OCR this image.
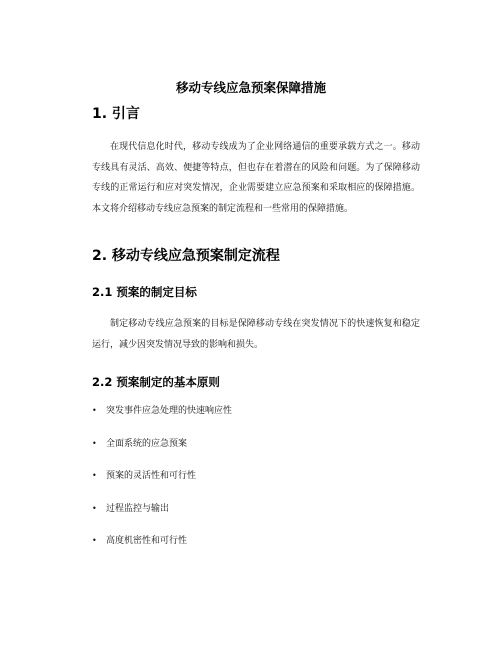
移动专线应急预案保障措施
1. 引言

在现代信息化时代，移动专线成为了企业网络通信的重要承载方式之一。移动专线具有灵活、高效、便捷等特点，但也存在着潜在的风险和问题。为了保障移动专线的正常运行和应对突发情况，企业需要建立应急预案和采取相应的保障措施。本文将介绍移动专线应急预案的制定流程和一些常用的保障措施。

2. 移动专线应急预案制定流程
2.1 预案的制定目标

制定移动专线应急预案的目标是保障移动专线在突发情况下的快速恢复和稳定运行，减少因突发情况导致的影响和损失。

2.2 预案制定的基本原则
• 突发事件应急处理的快速响应性
• 全面系统的应急预案
• 预案的灵活性和可行性
• 过程监控与输出
• 高度机密性和可行性
